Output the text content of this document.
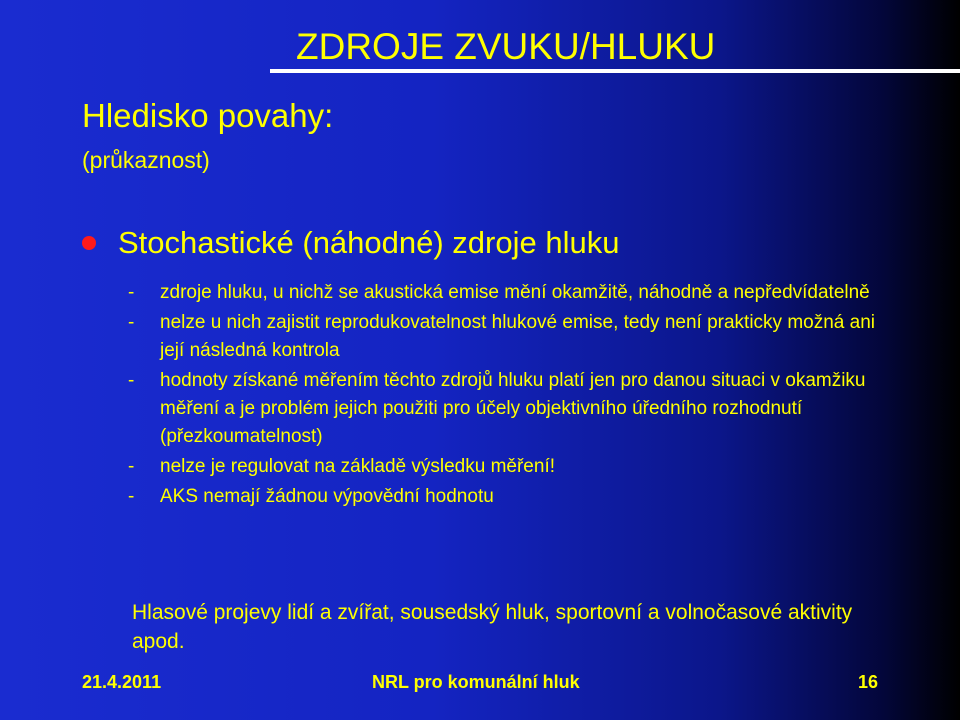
ZDROJE ZVUKU/HLUKU
Hledisko povahy:
(průkaznost)
Stochastické (náhodné) zdroje hluku
- zdroje hluku, u nichž se akustická emise mění okamžitě, náhodně a nepředvídatelně
- nelze u nich zajistit reprodukovatelnost hlukové emise, tedy není prakticky možná ani její následná kontrola
- hodnoty získané měřením těchto zdrojů hluku platí jen pro danou situaci v okamžiku měření a je problém jejich použiti pro účely objektivního úředního rozhodnutí (přezkoumatelnost)
- nelze je regulovat na základě výsledku měření!
- AKS nemají žádnou výpovědní hodnotu
Hlasové projevy lidí a zvířat, sousedský hluk, sportovní a volnočasové aktivity apod.
21.4.2011	NRL pro komunální hluk	16
